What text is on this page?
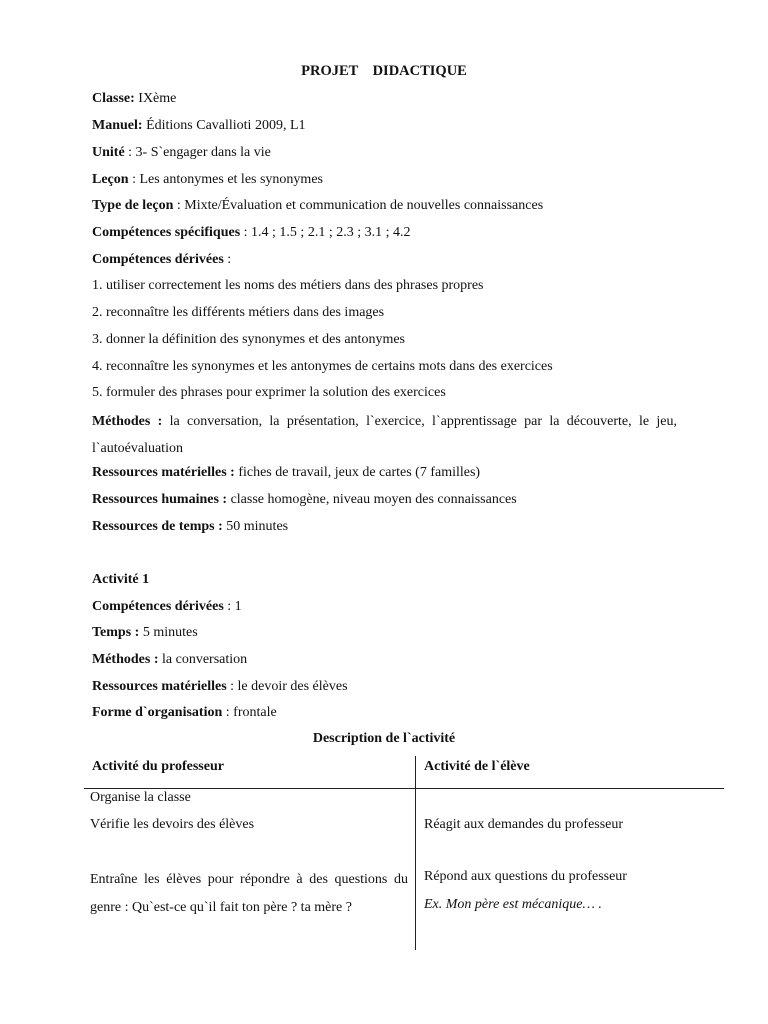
PROJET    DIDACTIQUE
Classe: IXème
Manuel: Éditions Cavallioti 2009, L1
Unité : 3- S`engager dans la vie
Leçon : Les antonymes et les synonymes
Type de leçon : Mixte/Évaluation et communication de nouvelles connaissances
Compétences spécifiques : 1.4 ; 1.5 ; 2.1 ; 2.3 ; 3.1 ; 4.2
Compétences dérivées :
1. utiliser correctement les noms des métiers dans des phrases propres
2. reconnaître les différents métiers dans des images
3. donner la définition des synonymes et des antonymes
4. reconnaître les synonymes et les antonymes de certains mots dans des exercices
5. formuler des phrases pour exprimer la solution des exercices
Méthodes : la conversation, la présentation, l`exercice, l`apprentissage par la découverte, le jeu, l`autoévaluation
Ressources matérielles : fiches de travail, jeux de cartes (7 familles)
Ressources humaines : classe homogène, niveau moyen des connaissances
Ressources de temps : 50 minutes
Activité 1
Compétences dérivées : 1
Temps : 5 minutes
Méthodes : la conversation
Ressources matérielles : le devoir des élèves
Forme d`organisation : frontale
Description de l`activité
Activité du professeur	Activité de l`élève
Organise la classe
Vérifie les devoirs des élèves
Entraîne les élèves pour répondre à des questions du genre : Qu`est-ce qu`il fait ton père ? ta mère ?
Réagit aux demandes du professeur
Répond aux questions du professeur
Ex. Mon père est mécanique… .
